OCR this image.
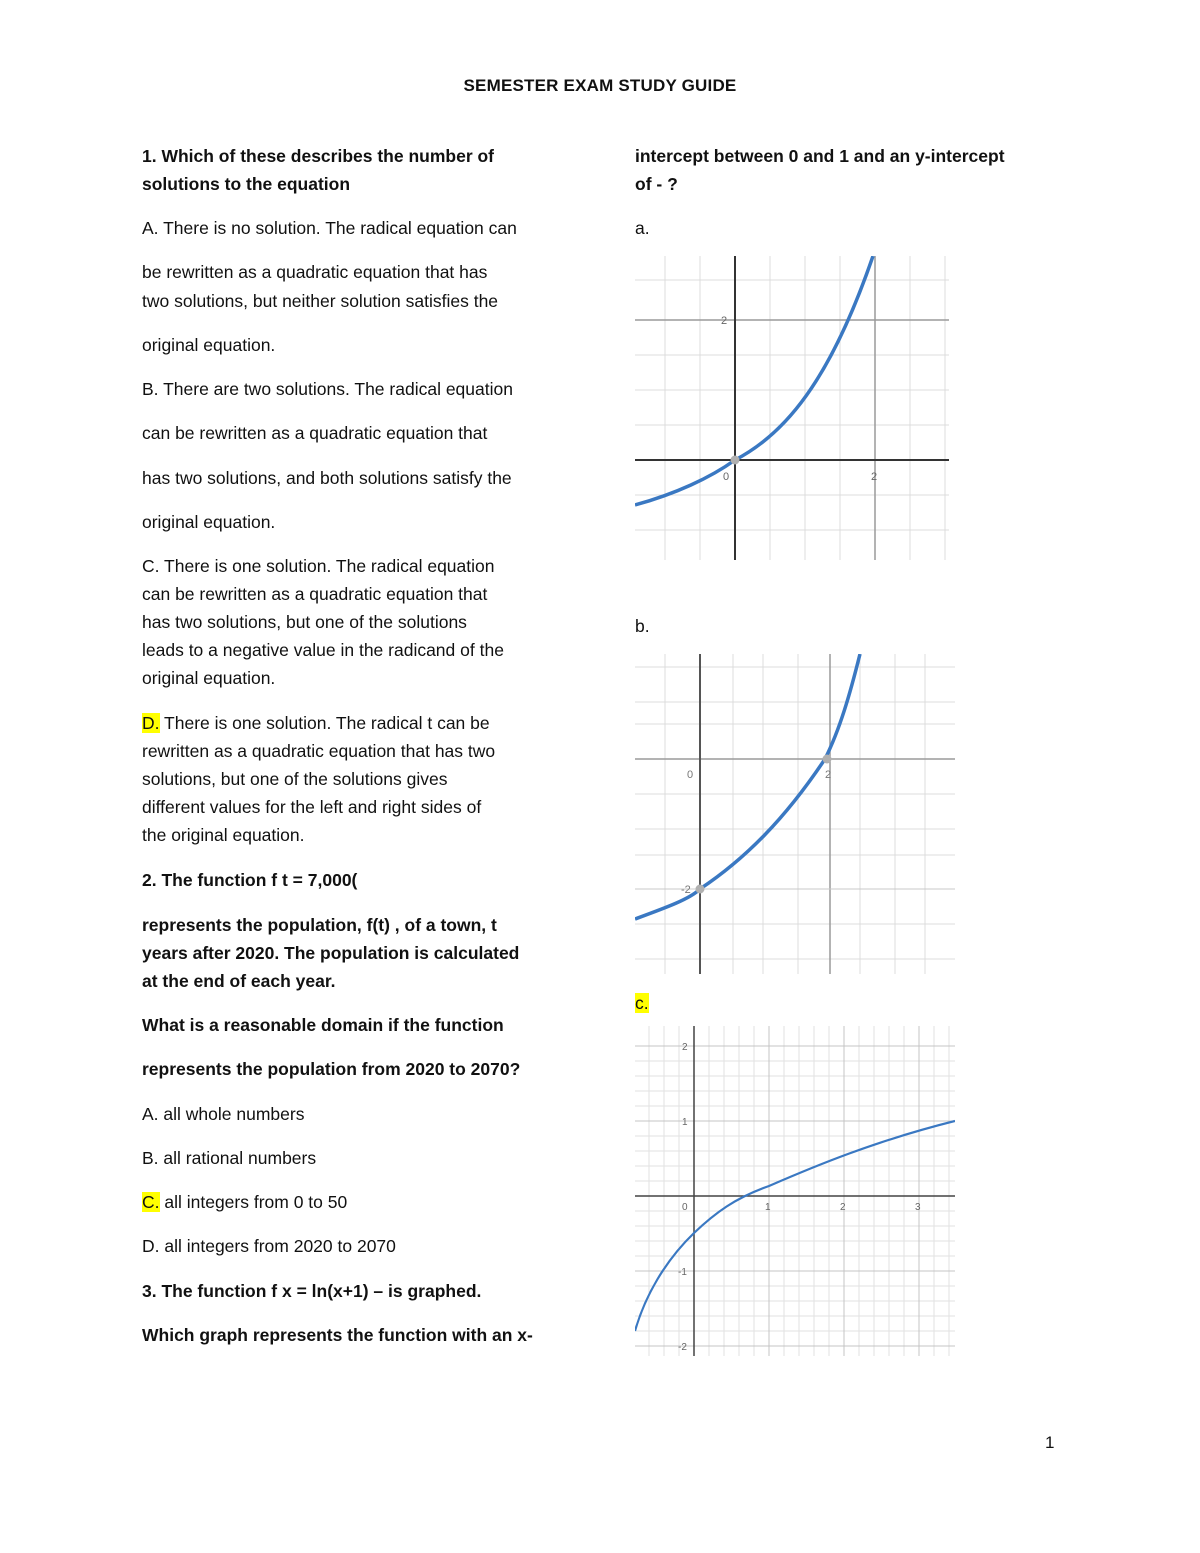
SEMESTER EXAM STUDY GUIDE

1. Which of these describes the number of

solutions to the equation

A. There is no solution. The radical equation can

be rewritten as a quadratic equation that has

two solutions, but neither solution satisfies the

original equation.

B. There are two solutions. The radical equation

can be rewritten as a quadratic equation that

has two solutions, and both solutions satisfy the

original equation.

C. There is one solution. The radical equation

can be rewritten as a quadratic equation that

has two solutions, but one of the solutions

leads to a negative value in the radicand of the

original equation.

D. There is one solution. The radical t can be

rewritten as a quadratic equation that has two

solutions, but one of the solutions gives

different values for the left and right sides of

the original equation.

2. The function f t = 7,000(

represents the population, f(t) , of a town, t

years after 2020. The population is calculated

at the end of each year.

What is a reasonable domain if the function

represents the population from 2020 to 2070?

A. all whole numbers

B. all rational numbers

C. all integers from 0 to 50

D. all integers from 2020 to 2070

3. The function f x = ln(x+1) – is graphed.

Which graph represents the function with an x-

intercept between 0 and 1 and an y-intercept

of - ?

a.

0	2
2

b.

0	2
-2

c.

0	1	2	3
2
1
-1
-2
1
